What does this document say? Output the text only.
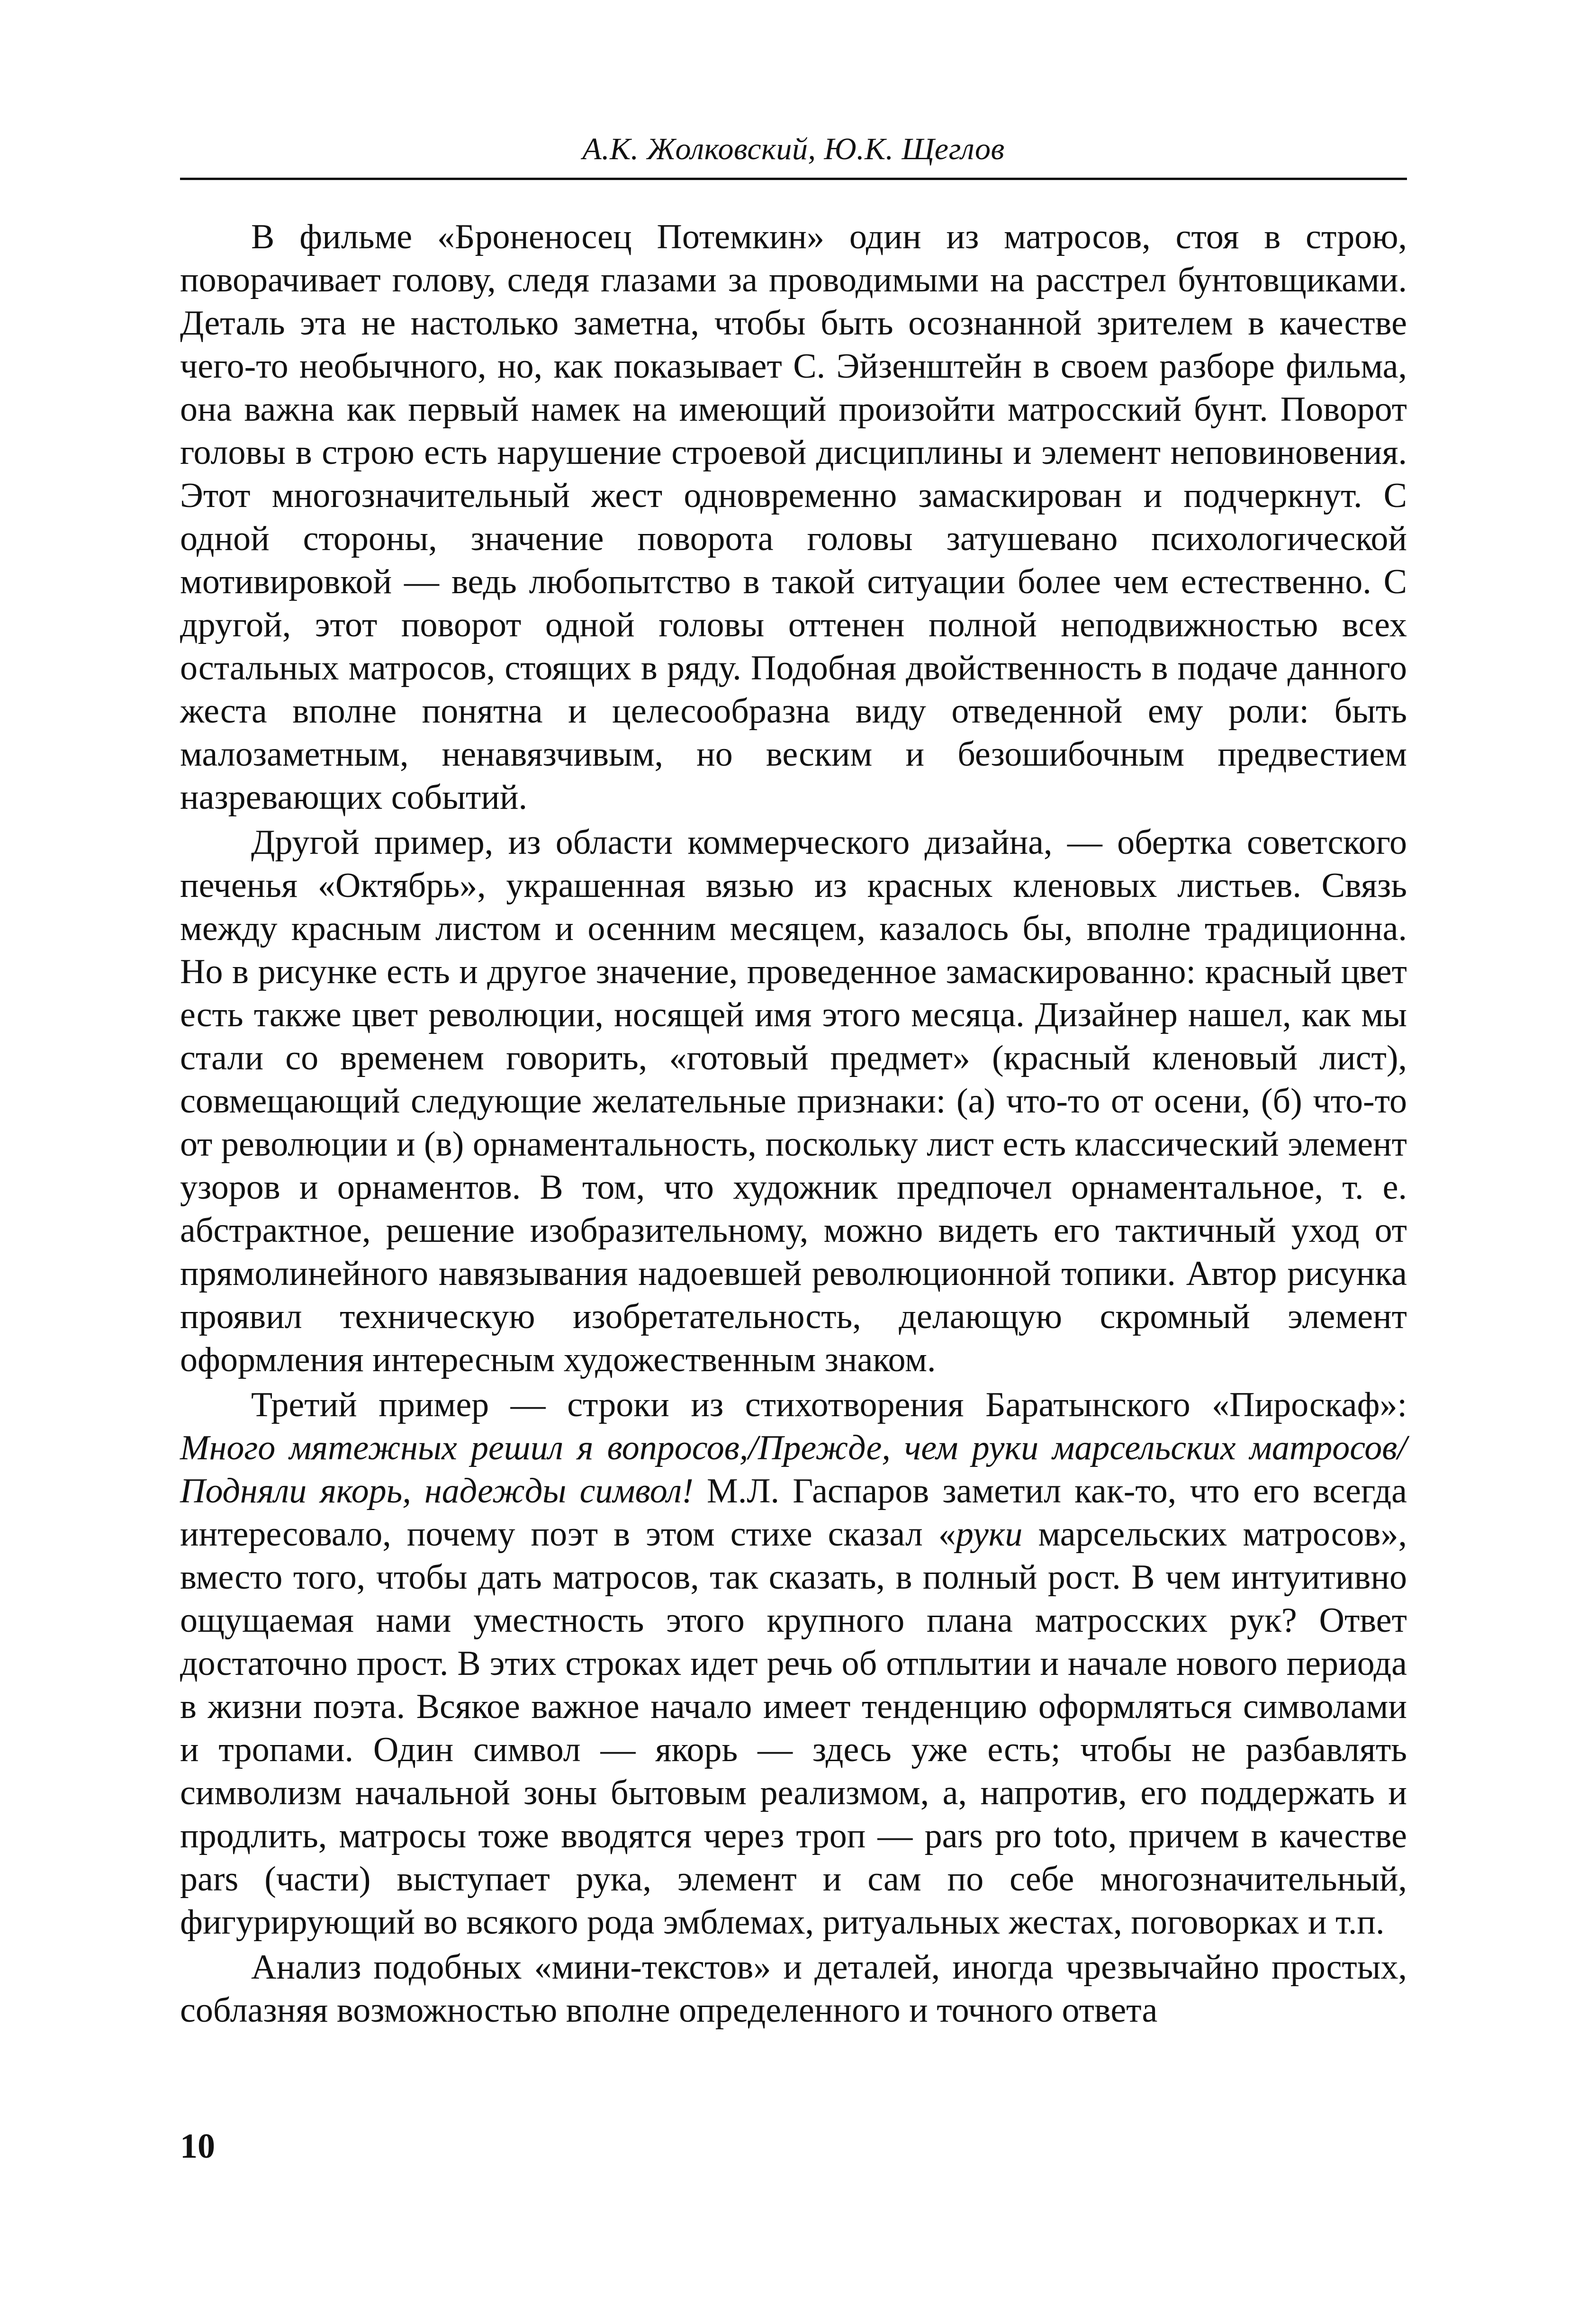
А.К. Жолковский, Ю.К. Щеглов

В фильме «Броненосец Потемкин» один из матросов, стоя в строю, поворачивает голову, следя глазами за проводимыми на расстрел бунтовщиками. Деталь эта не настолько заметна, чтобы быть осознанной зрителем в качестве чего-то необычного, но, как показывает С. Эйзенштейн в своем разборе фильма, она важна как первый намек на имеющий произойти матросский бунт. Поворот головы в строю есть нарушение строевой дисциплины и элемент неповиновения. Этот многозначительный жест одновременно замаскирован и подчеркнут. С одной стороны, значение поворота головы затушевано психологической мотивировкой — ведь любопытство в такой ситуации более чем естественно. С другой, этот поворот одной головы оттенен полной неподвижностью всех остальных матросов, стоящих в ряду. Подобная двойственность в подаче данного жеста вполне понятна и целесообразна виду отведенной ему роли: быть малозаметным, ненавязчивым, но веским и безошибочным предвестием назревающих событий.

Другой пример, из области коммерческого дизайна, — обертка советского печенья «Октябрь», украшенная вязью из красных кленовых листьев. Связь между красным листом и осенним месяцем, казалось бы, вполне традиционна. Но в рисунке есть и другое значение, проведенное замаскированно: красный цвет есть также цвет революции, носящей имя этого месяца. Дизайнер нашел, как мы стали со временем говорить, «готовый предмет» (красный кленовый лист), совмещающий следующие желательные признаки: (а) что-то от осени, (б) что-то от революции и (в) орнаментальность, поскольку лист есть классический элемент узоров и орнаментов. В том, что художник предпочел орнаментальное, т. е. абстрактное, решение изобразительному, можно видеть его тактичный уход от прямолинейного навязывания надоевшей революционной топики. Автор рисунка проявил техническую изобретательность, делающую скромный элемент оформления интересным художественным знаком.

Третий пример — строки из стихотворения Баратынского «Пироскаф»: Много мятежных решил я вопросов,/Прежде, чем руки марсельских матросов/ Подняли якорь, надежды символ! М.Л. Гаспаров заметил как-то, что его всегда интересовало, почему поэт в этом стихе сказал «руки марсельских матросов», вместо того, чтобы дать матросов, так сказать, в полный рост. В чем интуитивно ощущаемая нами уместность этого крупного плана матросских рук? Ответ достаточно прост. В этих строках идет речь об отплытии и начале нового периода в жизни поэта. Всякое важное начало имеет тенденцию оформляться символами и тропами. Один символ — якорь — здесь уже есть; чтобы не разбавлять символизм начальной зоны бытовым реализмом, а, напротив, его поддержать и продлить, матросы тоже вводятся через троп — pars pro toto, причем в качестве pars (части) выступает рука, элемент и сам по себе многозначительный, фигурирующий во всякого рода эмблемах, ритуальных жестах, поговорках и т.п.

Анализ подобных «мини-текстов» и деталей, иногда чрезвычайно простых, соблазняя возможностью вполне определенного и точного ответа

10
